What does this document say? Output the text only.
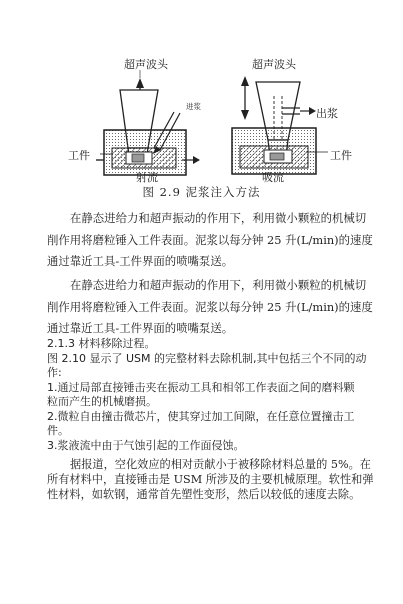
超声波头	超声波头
进浆
出浆
工件	工件
射流	吸流
图 2.9 泥浆注入方法
在静态进给力和超声振动的作用下，利用微小颗粒的机械切
削作用将磨粒锤入工件表面。泥浆以每分钟 25 升(L/min)的速度
通过靠近工具-工件界面的喷嘴泵送。
在静态进给力和超声振动的作用下，利用微小颗粒的机械切
削作用将磨粒锤入工件表面。泥浆以每分钟 25 升(L/min)的速度
通过靠近工具-工件界面的喷嘴泵送。
2.1.3 材料移除过程。
图 2.10 显示了 USM 的完整材料去除机制,其中包括三个不同的动
作:
1.通过局部直接锤击夹在振动工具和相邻工作表面之间的磨料颗
粒而产生的机械磨损。
2.微粒自由撞击微芯片，使其穿过加工间隙，在任意位置撞击工
件。
3.浆液流中由于气蚀引起的工作面侵蚀。
据报道，空化效应的相对贡献小于被移除材料总量的 5%。在
所有材料中，直接锤击是 USM 所涉及的主要机械原理。软性和弹
性材料，如软钢，通常首先塑性变形，然后以较低的速度去除。
